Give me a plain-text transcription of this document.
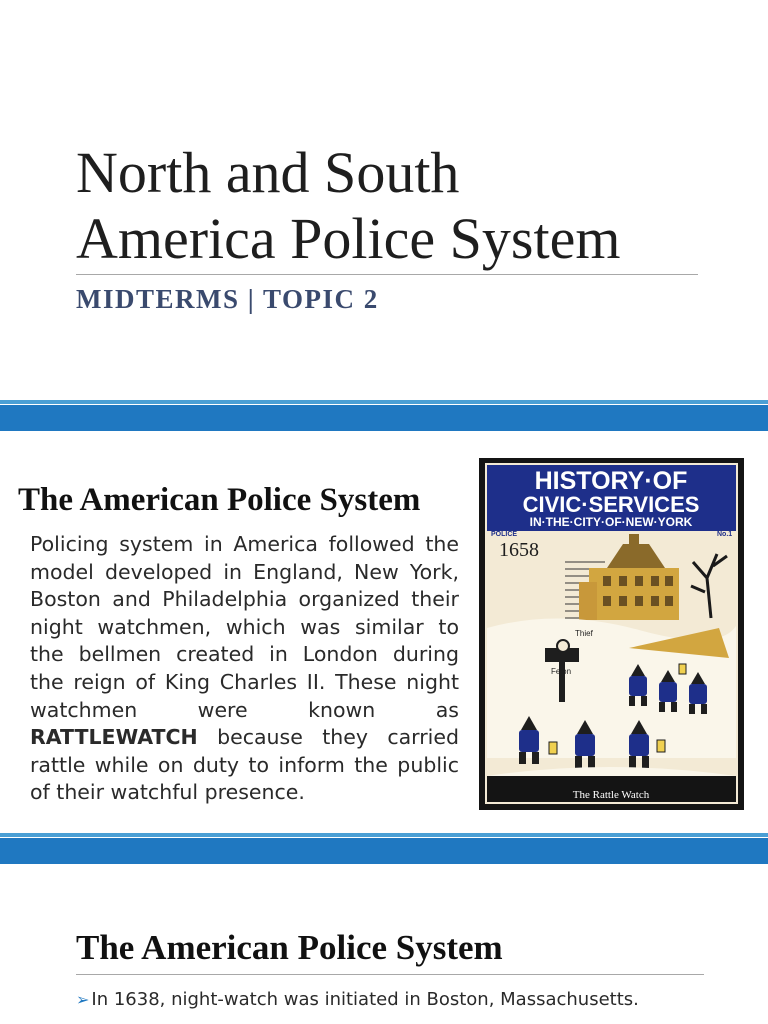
North and South
America Police System
MIDTERMS | TOPIC 2
The American Police System
Policing system in America followed the
model developed in England, New York,
Boston and Philadelphia organized their
night watchmen, which was similar to
the bellmen created in London during
the reign of King Charles II. These night
watchmen were known as
RATTLEWATCH because they carried
rattle while on duty to inform the public
of their watchful presence.
HISTORY·OF
CIVIC·SERVICES
IN·THE·CITY·OF·NEW·YORK
POLICE	No.1
1658
Thief
Felon
The Rattle Watch
The American Police System
➢ In 1638, night-watch was initiated in Boston, Massachusetts.
